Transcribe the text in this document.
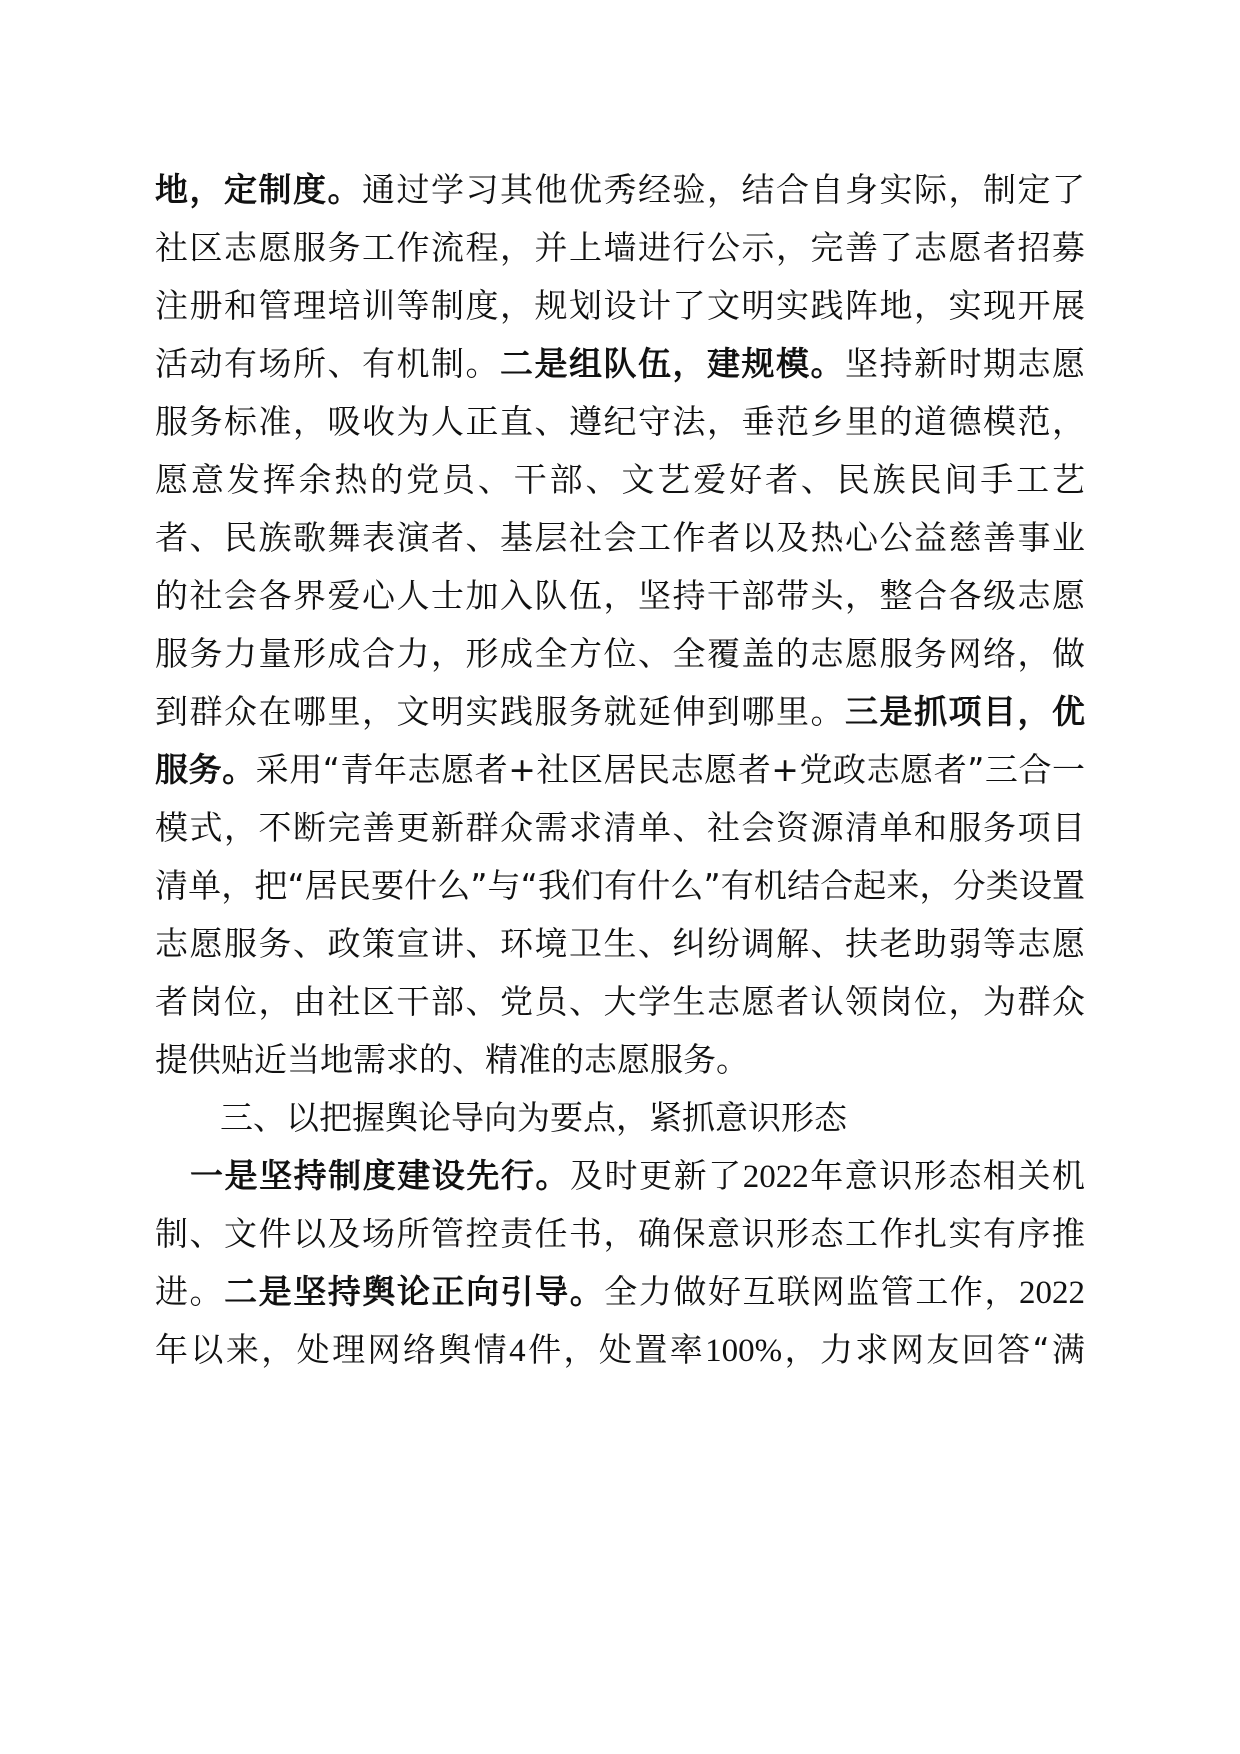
地，定制度。通过学习其他优秀经验，结合自身实际，制定了
社区志愿服务工作流程，并上墙进行公示，完善了志愿者招募
注册和管理培训等制度，规划设计了文明实践阵地，实现开展
活动有场所、有机制。二是组队伍，建规模。坚持新时期志愿
服务标准，吸收为人正直、遵纪守法，垂范乡里的道德模范，
愿意发挥余热的党员、干部、文艺爱好者、民族民间手工艺
者、民族歌舞表演者、基层社会工作者以及热心公益慈善事业
的社会各界爱心人士加入队伍，坚持干部带头，整合各级志愿
服务力量形成合力，形成全方位、全覆盖的志愿服务网络，做
到群众在哪里，文明实践服务就延伸到哪里。三是抓项目，优
服务。采用“青年志愿者+社区居民志愿者+党政志愿者”三合一
模式，不断完善更新群众需求清单、社会资源清单和服务项目
清单，把“居民要什么”与“我们有什么”有机结合起来，分类设置
志愿服务、政策宣讲、环境卫生、纠纷调解、扶老助弱等志愿
者岗位，由社区干部、党员、大学生志愿者认领岗位，为群众
提供贴近当地需求的、精准的志愿服务。
三、以把握舆论导向为要点，紧抓意识形态
一是坚持制度建设先行。及时更新了2022年意识形态相关机
制、文件以及场所管控责任书，确保意识形态工作扎实有序推
进。二是坚持舆论正向引导。全力做好互联网监管工作，2022
年以来，处理网络舆情4件，处置率100%，力求网友回答“满
